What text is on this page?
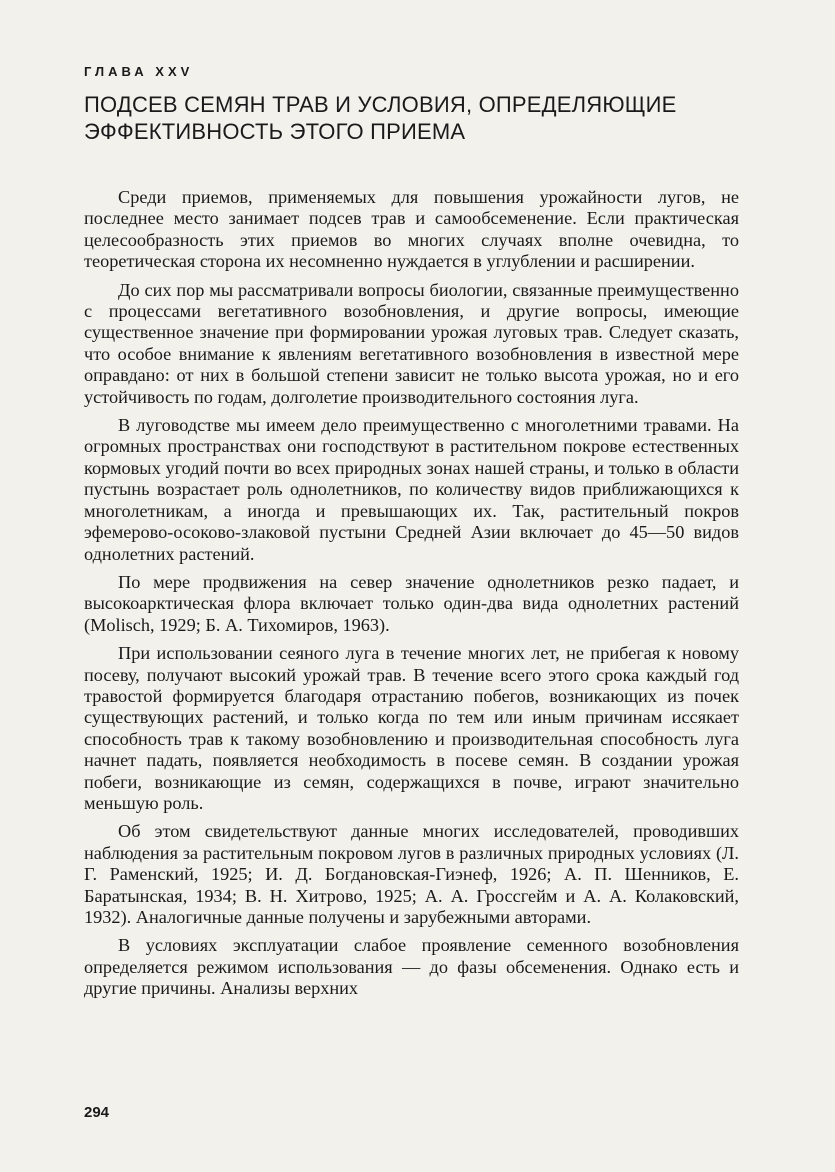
ГЛАВА XXV
ПОДСЕВ СЕМЯН ТРАВ И УСЛОВИЯ, ОПРЕДЕЛЯЮЩИЕ
ЭФФЕКТИВНОСТЬ ЭТОГО ПРИЕМА

Среди приемов, применяемых для повышения урожайности лугов, не последнее место занимает подсев трав и самообсеменение. Если практическая целесообразность этих приемов во многих случаях вполне очевидна, то теоретическая сторона их несомненно нуждается в углублении и расширении.

До сих пор мы рассматривали вопросы биологии, связанные преимущественно с процессами вегетативного возобновления, и другие вопросы, имеющие существенное значение при формировании урожая луговых трав. Следует сказать, что особое внимание к явлениям вегетативного возобновления в известной мере оправдано: от них в большой степени зависит не только высота урожая, но и его устойчивость по годам, долголетие производительного состояния луга.

В луговодстве мы имеем дело преимущественно с многолетними травами. На огромных пространствах они господствуют в растительном покрове естественных кормовых угодий почти во всех природных зонах нашей страны, и только в области пустынь возрастает роль однолетников, по количеству видов приближающихся к многолетникам, а иногда и превышающих их. Так, растительный покров эфемерово-осоково-злаковой пустыни Средней Азии включает до 45—50 видов однолетних растений.

По мере продвижения на север значение однолетников резко падает, и высокоарктическая флора включает только один-два вида однолетних растений (Molisch, 1929; Б. А. Тихомиров, 1963).

При использовании сеяного луга в течение многих лет, не прибегая к новому посеву, получают высокий урожай трав. В течение всего этого срока каждый год травостой формируется благодаря отрастанию побегов, возникающих из почек существующих растений, и только когда по тем или иным причинам иссякает способность трав к такому возобновлению и производительная способность луга начнет падать, появляется необходимость в посеве семян. В создании урожая побеги, возникающие из семян, содержащихся в почве, играют значительно меньшую роль.

Об этом свидетельствуют данные многих исследователей, проводивших наблюдения за растительным покровом лугов в различных природных условиях (Л. Г. Раменский, 1925; И. Д. Богдановская-Гиэнеф, 1926; А. П. Шенников, Е. Баратынская, 1934; В. Н. Хитрово, 1925; А. А. Гроссгейм и А. А. Колаковский, 1932). Аналогичные данные получены и зарубежными авторами.

В условиях эксплуатации слабое проявление семенного возобновления определяется режимом использования — до фазы обсеменения. Однако есть и другие причины. Анализы верхних

294
